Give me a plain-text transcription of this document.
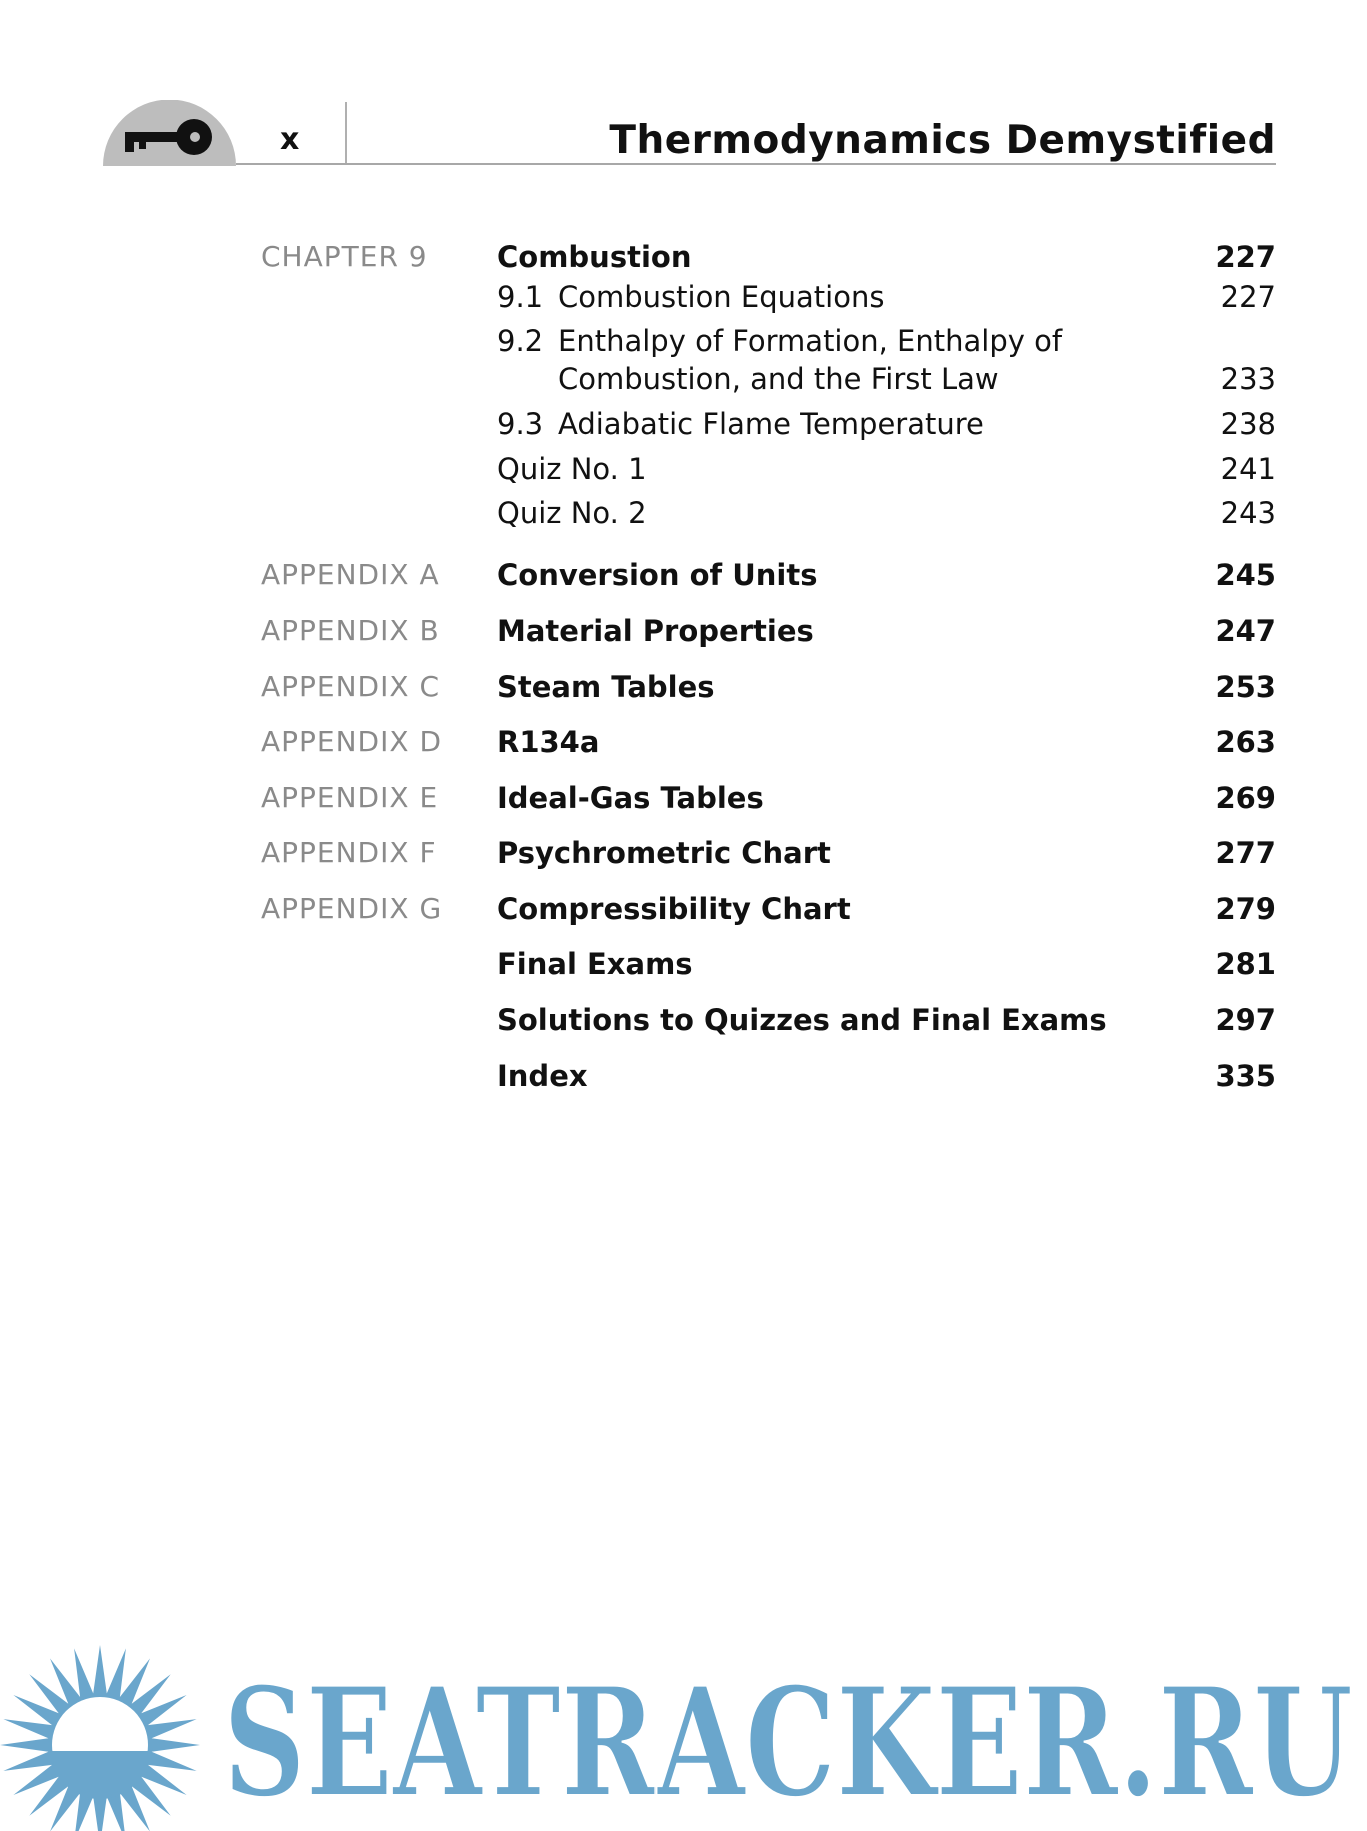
x	Thermodynamics Demystified
CHAPTER 9 Combustion	227
9.1 Combustion Equations	227
9.2 Enthalpy of Formation, Enthalpy of
Combustion, and the First Law	233
9.3 Adiabatic Flame Temperature	238
Quiz No. 1	241
Quiz No. 2	243
APPENDIX A Conversion of Units	245
APPENDIX B Material Properties	247
APPENDIX C Steam Tables	253
APPENDIX D R134a	263
APPENDIX E Ideal-Gas Tables	269
APPENDIX F Psychrometric Chart	277
APPENDIX G Compressibility Chart	279
Final Exams	281
Solutions to Quizzes and Final Exams	297
Index	335
SEATRACKER.RU
